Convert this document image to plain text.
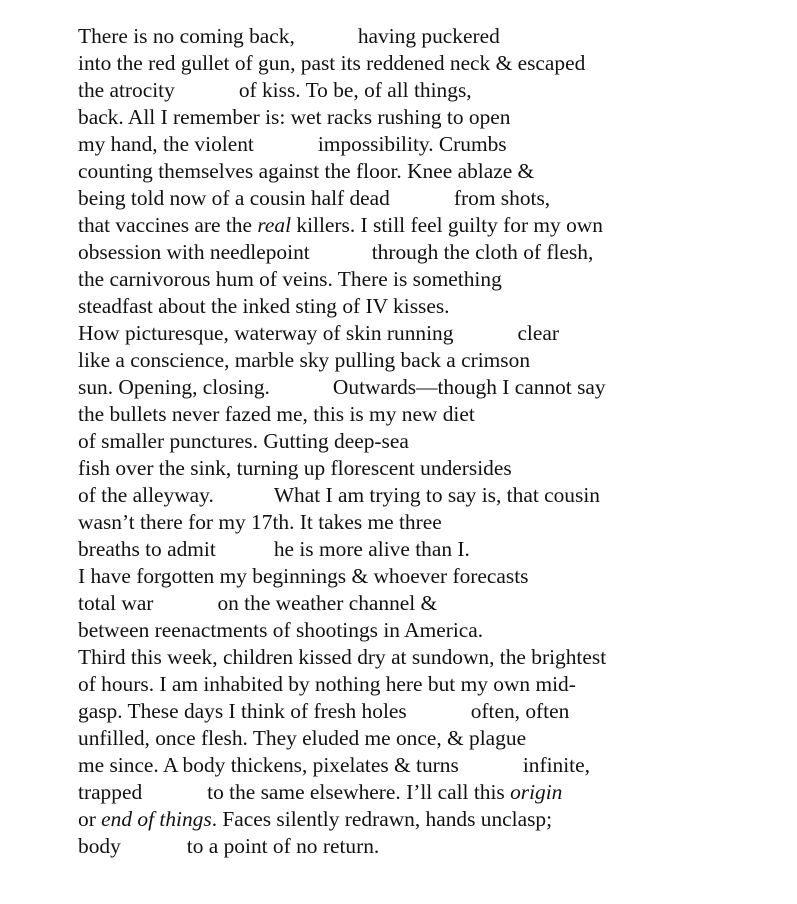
There is no coming back,	having puckered
into the red gullet of gun, past its reddened neck & escaped
the atrocity	of kiss. To be, of all things,
back. All I remember is: wet racks rushing to open
my hand, the violent	impossibility. Crumbs
counting themselves against the floor. Knee ablaze &
being told now of a cousin half dead	from shots,
that vaccines are the real killers. I still feel guilty for my own
obsession with needlepoint	through the cloth of flesh,
the carnivorous hum of veins. There is something
steadfast about the inked sting of IV kisses.
How picturesque, waterway of skin running	clear
like a conscience, marble sky pulling back a crimson
sun. Opening, closing.	Outwards—though I cannot say
the bullets never fazed me, this is my new diet
of smaller punctures. Gutting deep-sea
fish over the sink, turning up florescent undersides
of the alleyway.	What I am trying to say is, that cousin
wasn’t there for my 17th. It takes me three
breaths to admit	he is more alive than I.
I have forgotten my beginnings & whoever forecasts
total war	on the weather channel &
between reenactments of shootings in America.
Third this week, children kissed dry at sundown, the brightest
of hours. I am inhabited by nothing here but my own mid-
gasp. These days I think of fresh holes	often, often
unfilled, once flesh. They eluded me once, & plague
me since. A body thickens, pixelates & turns	infinite,
trapped	to the same elsewhere. I’ll call this origin
or end of things. Faces silently redrawn, hands unclasp;
body	to a point of no return.
